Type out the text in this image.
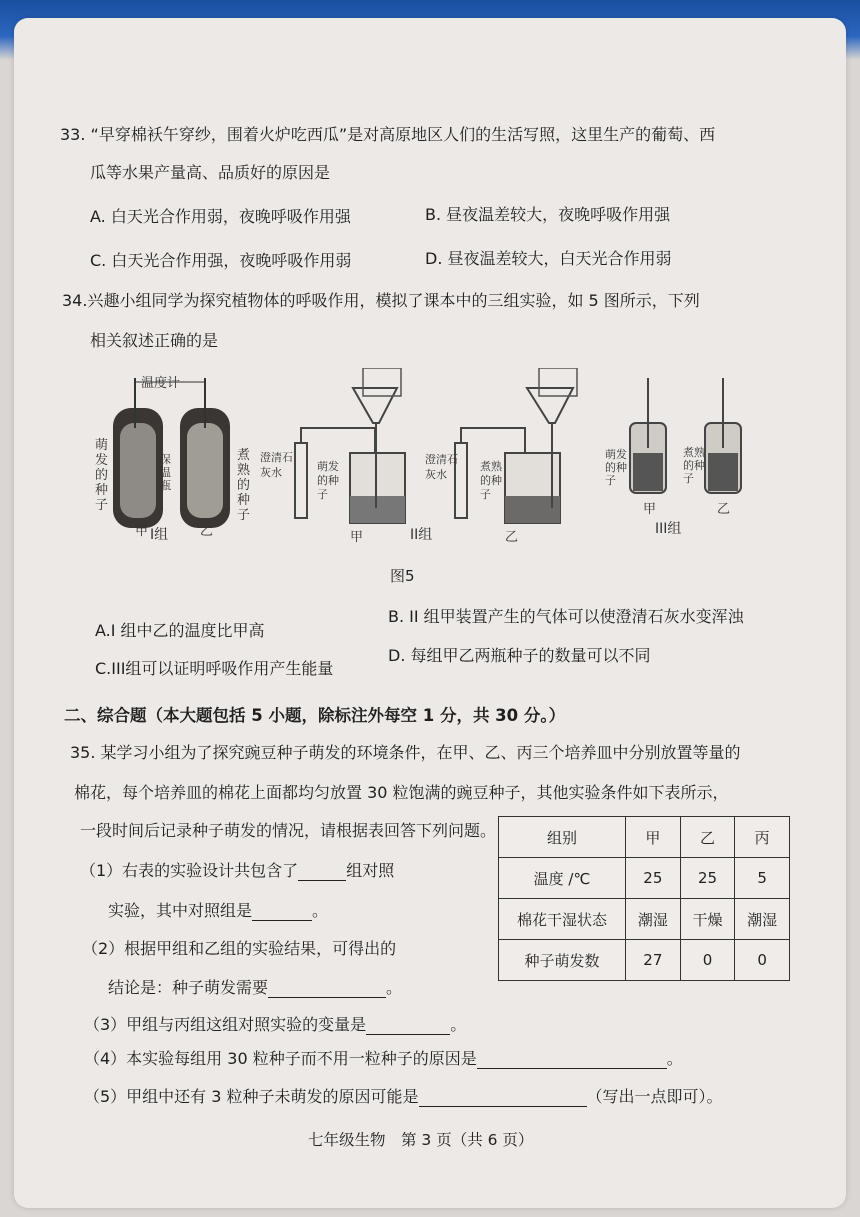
33. “早穿棉袄午穿纱，围着火炉吃西瓜”是对高原地区人们的生活写照，这里生产的葡萄、西
瓜等水果产量高、品质好的原因是
A. 白天光合作用弱，夜晚呼吸作用强	B. 昼夜温差较大，夜晚呼吸作用强
C. 白天光合作用强，夜晚呼吸作用弱	D. 昼夜温差较大，白天光合作用弱
34.兴趣小组同学为探究植物体的呼吸作用，模拟了课本中的三组实验，如 5 图所示，下列
相关叙述正确的是
温度计
萌发的种子
煮熟的种子
保温瓶
甲	乙
I组
澄清石灰水	萌发的种子
甲	II组
澄清石灰水
煮熟的种子
乙
萌发的种子
煮熟的种子
甲	乙
III组
图5
A.I 组中乙的温度比甲高
B. II 组甲装置产生的气体可以使澄清石灰水变浑浊
C.III组可以证明呼吸作用产生能量
D. 每组甲乙两瓶种子的数量可以不同
二、综合题（本大题包括 5 小题，除标注外每空 1 分，共 30 分。）
35. 某学习小组为了探究豌豆种子萌发的环境条件，在甲、乙、丙三个培养皿中分别放置等量的
棉花，每个培养皿的棉花上面都均匀放置 30 粒饱满的豌豆种子，其他实验条件如下表所示，
一段时间后记录种子萌发的情况，请根据表回答下列问题。
（1）右表的实验设计共包含了	组对照
实验，其中对照组是	。
（2）根据甲组和乙组的实验结果，可得出的
结论是：种子萌发需要	。
（3）甲组与丙组这组对照实验的变量是	。
（4）本实验每组用 30 粒种子而不用一粒种子的原因是	。
（5）甲组中还有 3 粒种子未萌发的原因可能是	（写出一点即可）。
组别	甲	乙	丙
温度 /℃	25	25	5
棉花干湿状态	潮湿	干燥	潮湿
种子萌发数	27	0	0
七年级生物　第 3 页（共 6 页）
